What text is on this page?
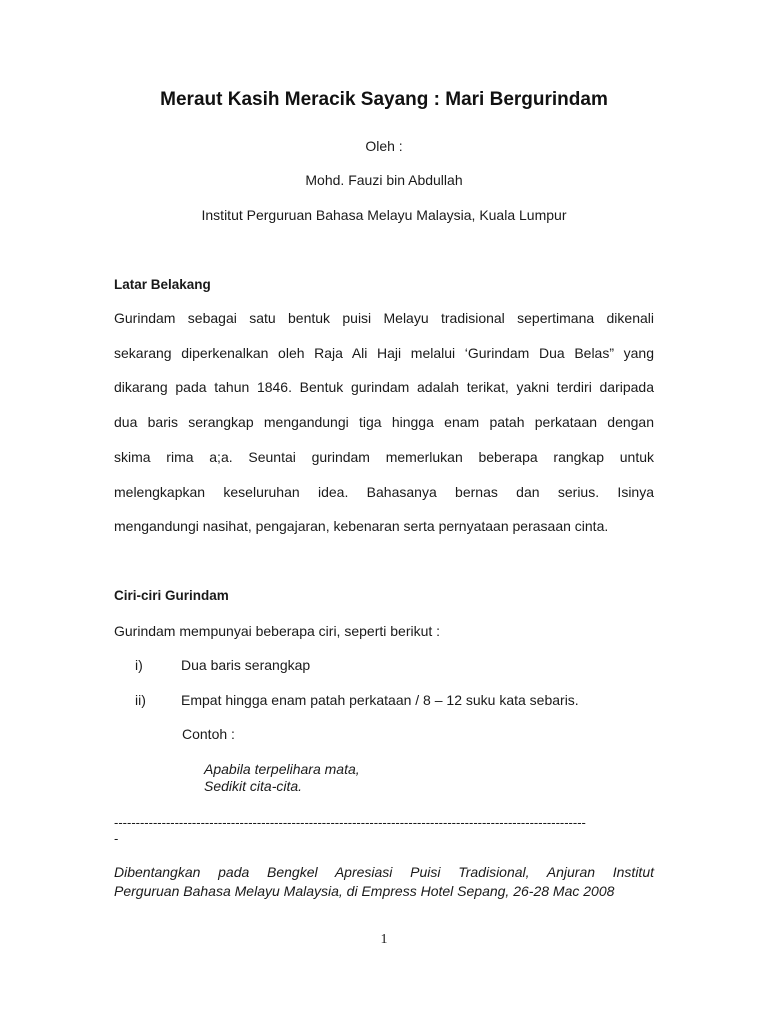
Meraut Kasih Meracik Sayang : Mari Bergurindam

Oleh :

Mohd. Fauzi bin Abdullah

Institut Perguruan Bahasa Melayu Malaysia, Kuala Lumpur

Latar Belakang

Gurindam sebagai satu bentuk puisi Melayu tradisional sepertimana dikenali

sekarang diperkenalkan oleh Raja Ali Haji melalui ‘Gurindam Dua Belas” yang

dikarang pada tahun 1846. Bentuk gurindam adalah terikat, yakni terdiri daripada

dua baris serangkap mengandungi tiga hingga enam patah perkataan dengan

skima rima a;a. Seuntai gurindam memerlukan beberapa rangkap untuk

melengkapkan keseluruhan idea. Bahasanya bernas dan serius. Isinya

mengandungi nasihat, pengajaran, kebenaran serta pernyataan perasaan cinta.

Ciri-ciri Gurindam

Gurindam mempunyai beberapa ciri, seperti berikut :

i)	Dua baris serangkap
ii)	Empat hingga enam patah perkataan / 8 – 12 suku kata sebaris.

Contoh :

Apabila terpelihara mata,

Sedikit cita-cita.

-------------------------------------------------------------------------------------------------------------
-
Dibentangkan pada Bengkel Apresiasi Puisi Tradisional, Anjuran Institut
Perguruan Bahasa Melayu Malaysia, di Empress Hotel Sepang, 26-28 Mac 2008

1
